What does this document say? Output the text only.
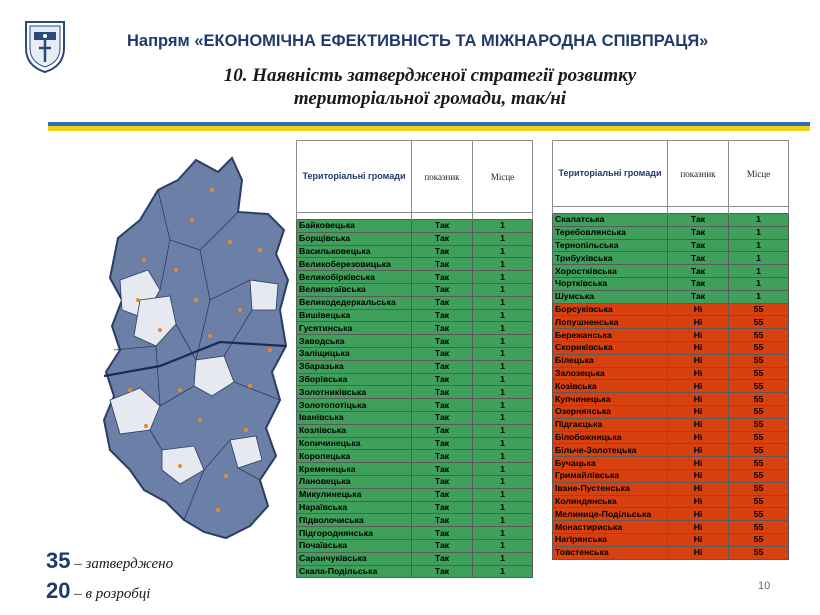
Напрям «ЕКОНОМІЧНА ЕФЕКТИВНІСТЬ ТА МІЖНАРОДНА СПІВПРАЦЯ»
10. Наявність затвердженої стратегії розвитку
територіальної громади, так/ні
Територіальні громади	показник	Місце

Байковецька	Так	1
Борщівська	Так	1
Васильковецька	Так	1
Великоберезовицька	Так	1
Великобірківська	Так	1
Великогаївська	Так	1
Великодедеркальська	Так	1
Вишівецька	Так	1
Гусятинська	Так	1
Заводська	Так	1
Заліщицька	Так	1
Збаразька	Так	1
Зборівська	Так	1
Золотниківська	Так	1
Золотопотіцька	Так	1
Іванівська	Так	1
Козлівська	Так	1
Копичинецька	Так	1
Коропецька	Так	1
Кременецька	Так	1
Лановецька	Так	1
Микулинецька	Так	1
Нараївська	Так	1
Підволочиська	Так	1
Підгороднянська	Так	1
Почаївська	Так	1
Саранчуківська	Так	1
Скала-Подільська	Так	1
Територіальні громади	показник	Місце

Скалатська	Так	1
Теребовлянська	Так	1
Тернопільська	Так	1
Трибухівська	Так	1
Хоростківська	Так	1
Чортківська	Так	1
Шумська	Так	1
Борсуківська	Ні	55
Лопушненська	Ні	55
Бережанська	Ні	55
Скориківська	Ні	55
Білецька	Ні	55
Залозецька	Ні	55
Козівська	Ні	55
Купчинецька	Ні	55
Озернянська	Ні	55
Підгаєцька	Ні	55
Білобожницька	Ні	55
Більче-Золотецька	Ні	55
Бучацька	Ні	55
Гримайлівська	Ні	55
Іване-Пустенська	Ні	55
Колиндянська	Ні	55
Мелинице-Подільська	Ні	55
Монастириська	Ні	55
Нагірянська	Ні	55
Товстенська	Ні	55
35 – затверджено
20 – в розробці	10
